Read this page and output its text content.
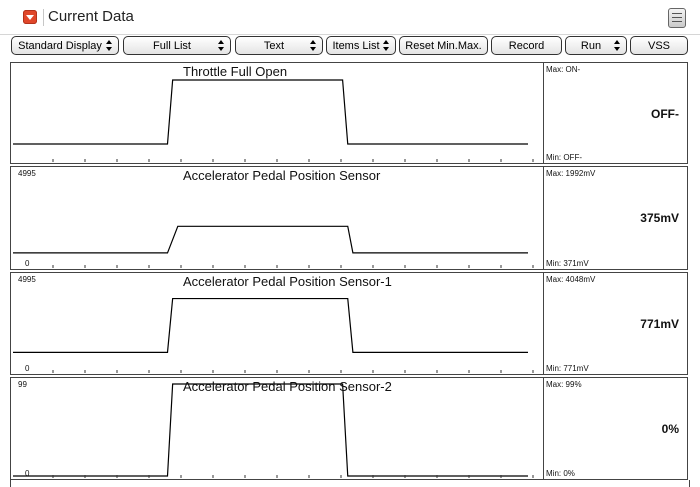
Current Data
Standard Display	Full List	Text	Items List	Reset Min.Max.	Record	Run	VSS
Throttle Full Open	Max: ON-
OFF-
Min: OFF-
Accelerator Pedal Position Sensor
4995
0
Max: 1992mV
375mV
Min: 371mV
Accelerator Pedal Position Sensor-1
4995
0
Max: 4048mV
771mV
Min: 771mV
Accelerator Pedal Position Sensor-2
99
0
Max: 99%
0%
Min: 0%
